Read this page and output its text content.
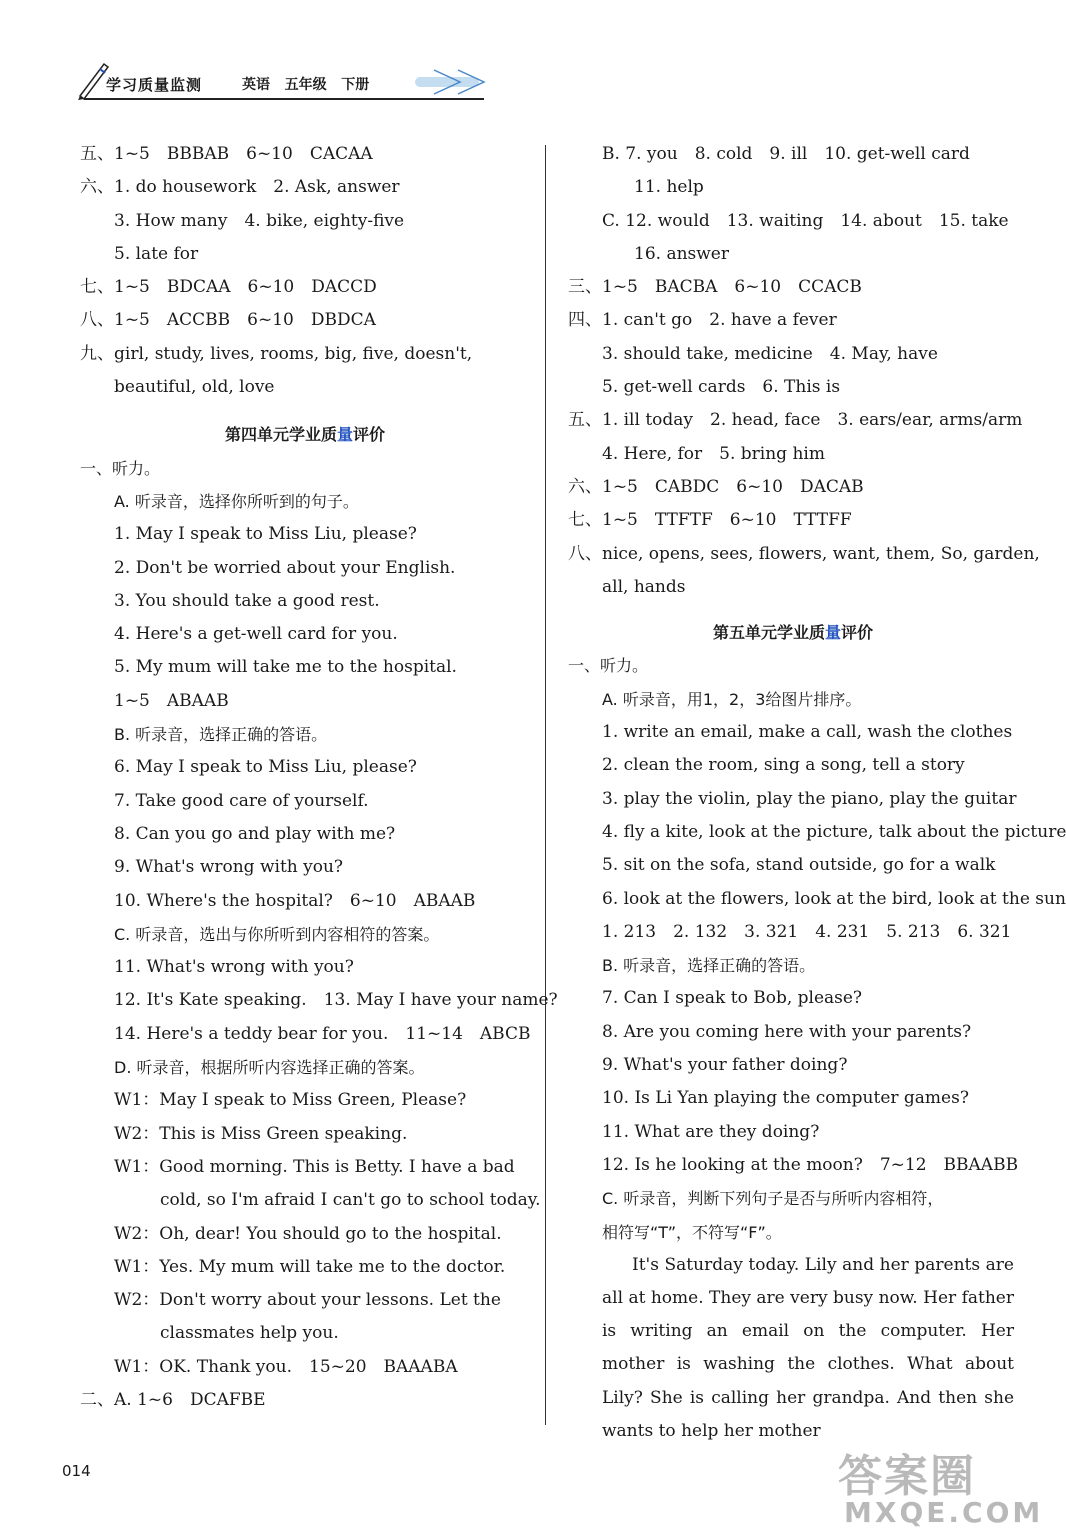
学习质量监测	英语 五年级 下册
五、1~5　BBBAB　6~10　CACAA
六、1. do housework　2. Ask, answer
3. How many　4. bike, eighty-five
5. late for
七、1~5　BDCAA　6~10　DACCD
八、1~5　ACCBB　6~10　DBDCA
九、girl, study, lives, rooms, big, five, doesn't,
beautiful, old, love
第四单元学业质量评价
一、听力。
A. 听录音，选择你所听到的句子。
1. May I speak to Miss Liu, please?
2. Don't be worried about your English.
3. You should take a good rest.
4. Here's a get-well card for you.
5. My mum will take me to the hospital.
1~5　ABAAB
B. 听录音，选择正确的答语。
6. May I speak to Miss Liu, please?
7. Take good care of yourself.
8. Can you go and play with me?
9. What's wrong with you?
10. Where's the hospital?　6~10　ABAAB
C. 听录音，选出与你所听到内容相符的答案。
11. What's wrong with you?
12. It's Kate speaking.　13. May I have your name?
14. Here's a teddy bear for you.　11~14　ABCB
D. 听录音，根据所听内容选择正确的答案。
W1：May I speak to Miss Green, Please?
W2：This is Miss Green speaking.
W1：Good morning. This is Betty. I have a bad
cold, so I'm afraid I can't go to school today.
W2：Oh, dear! You should go to the hospital.
W1：Yes. My mum will take me to the doctor.
W2：Don't worry about your lessons. Let the
classmates help you.
W1：OK. Thank you.　15~20　BAAABA
二、A. 1~6　DCAFBE
B. 7. you　8. cold　9. ill　10. get-well card
11. help
C. 12. would　13. waiting　14. about　15. take
16. answer
三、1~5　BACBA　6~10　CCACB
四、1. can't go　2. have a fever
3. should take, medicine　4. May, have
5. get-well cards　6. This is
五、1. ill today　2. head, face　3. ears/ear, arms/arm
4. Here, for　5. bring him
六、1~5　CABDC　6~10　DACAB
七、1~5　TTFTF　6~10　TTTFF
八、nice, opens, sees, flowers, want, them, So, garden,
all, hands
第五单元学业质量评价
一、听力。
A. 听录音，用1，2，3给图片排序。
1. write an email, make a call, wash the clothes
2. clean the room, sing a song, tell a story
3. play the violin, play the piano, play the guitar
4. fly a kite, look at the picture, talk about the picture
5. sit on the sofa, stand outside, go for a walk
6. look at the flowers, look at the bird, look at the sun
1. 213　2. 132　3. 321　4. 231　5. 213　6. 321
B. 听录音，选择正确的答语。
7. Can I speak to Bob, please?
8. Are you coming here with your parents?
9. What's your father doing?
10. Is Li Yan playing the computer games?
11. What are they doing?
12. Is he looking at the moon?　7~12　BBAABB
C. 听录音，判断下列句子是否与所听内容相符，
相符写“T”，不符写“F”。
It's Saturday today. Lily and her parents are all at home. They are very busy now. Her father is writing an email on the computer. Her mother is washing the clothes. What about Lily? She is calling her grandpa. And then she wants to help her mother
014	答案圈
MXQE.COM
